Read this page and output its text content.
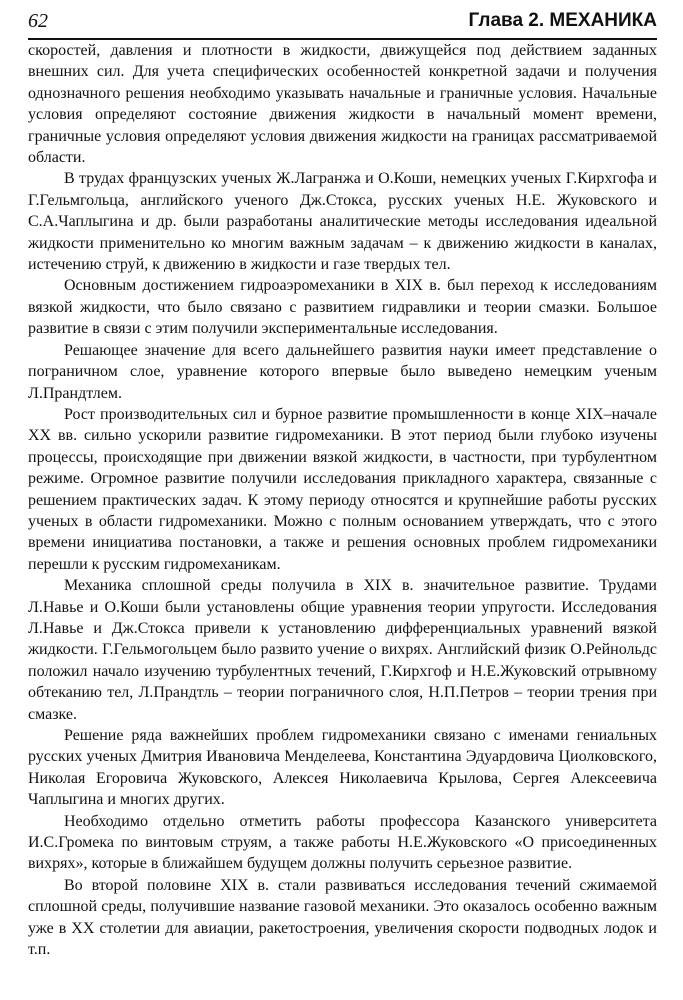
62	Глава 2. МЕХАНИКА

скоростей, давления и плотности в жидкости, движущейся под действием заданных внешних сил. Для учета специфических особенностей конкретной задачи и получения однозначного решения необходимо указывать начальные и граничные условия. Начальные условия определяют состояние движения жидкости в начальный момент времени, граничные условия определяют условия движения жидкости на границах рассматриваемой области.

В трудах французских ученых Ж.Лагранжа и О.Коши, немецких ученых Г.Кирхгофа и Г.Гельмгольца, английского ученого Дж.Стокса, русских ученых Н.Е. Жуковского и С.А.Чаплыгина и др. были разработаны аналитические методы исследования идеальной жидкости применительно ко многим важным задачам – к движению жидкости в каналах, истечению струй, к движению в жидкости и газе твердых тел.

Основным достижением гидроаэромеханики в XIX в. был переход к исследованиям вязкой жидкости, что было связано с развитием гидравлики и теории смазки. Большое развитие в связи с этим получили экспериментальные исследования.

Решающее значение для всего дальнейшего развития науки имеет представление о пограничном слое, уравнение которого впервые было выведено немецким ученым Л.Прандтлем.

Рост производительных сил и бурное развитие промышленности в конце XIX–начале XX вв. сильно ускорили развитие гидромеханики. В этот период были глубоко изучены процессы, происходящие при движении вязкой жидкости, в частности, при турбулентном режиме. Огромное развитие получили исследования прикладного характера, связанные с решением практических задач. К этому периоду относятся и крупнейшие работы русских ученых в области гидромеханики. Можно с полным основанием утверждать, что с этого времени инициатива постановки, а также и решения основных проблем гидромеханики перешли к русским гидромеханикам.

Механика сплошной среды получила в XIX в. значительное развитие. Трудами Л.Навье и О.Коши были установлены общие уравнения теории упругости. Исследования Л.Навье и Дж.Стокса привели к установлению дифференциальных уравнений вязкой жидкости. Г.Гельмогольцем было развито учение о вихрях. Английский физик О.Рейнольдс положил начало изучению турбулентных течений, Г.Кирхгоф и Н.Е.Жуковский отрывному обтеканию тел, Л.Прандтль – теории пограничного слоя, Н.П.Петров – теории трения при смазке.

Решение ряда важнейших проблем гидромеханики связано с именами гениальных русских ученых Дмитрия Ивановича Менделеева, Константина Эдуардовича Циолковского, Николая Егоровича Жуковского, Алексея Николаевича Крылова, Сергея Алексеевича Чаплыгина и многих других.

Необходимо отдельно отметить работы профессора Казанского университета И.С.Громека по винтовым струям, а также работы Н.Е.Жуковского «О присоединенных вихрях», которые в ближайшем будущем должны получить серьезное развитие.

Во второй половине XIX в. стали развиваться исследования течений сжимаемой сплошной среды, получившие название газовой механики. Это оказалось особенно важным уже в XX столетии для авиации, ракетостроения, увеличения скорости подводных лодок и т.п.
